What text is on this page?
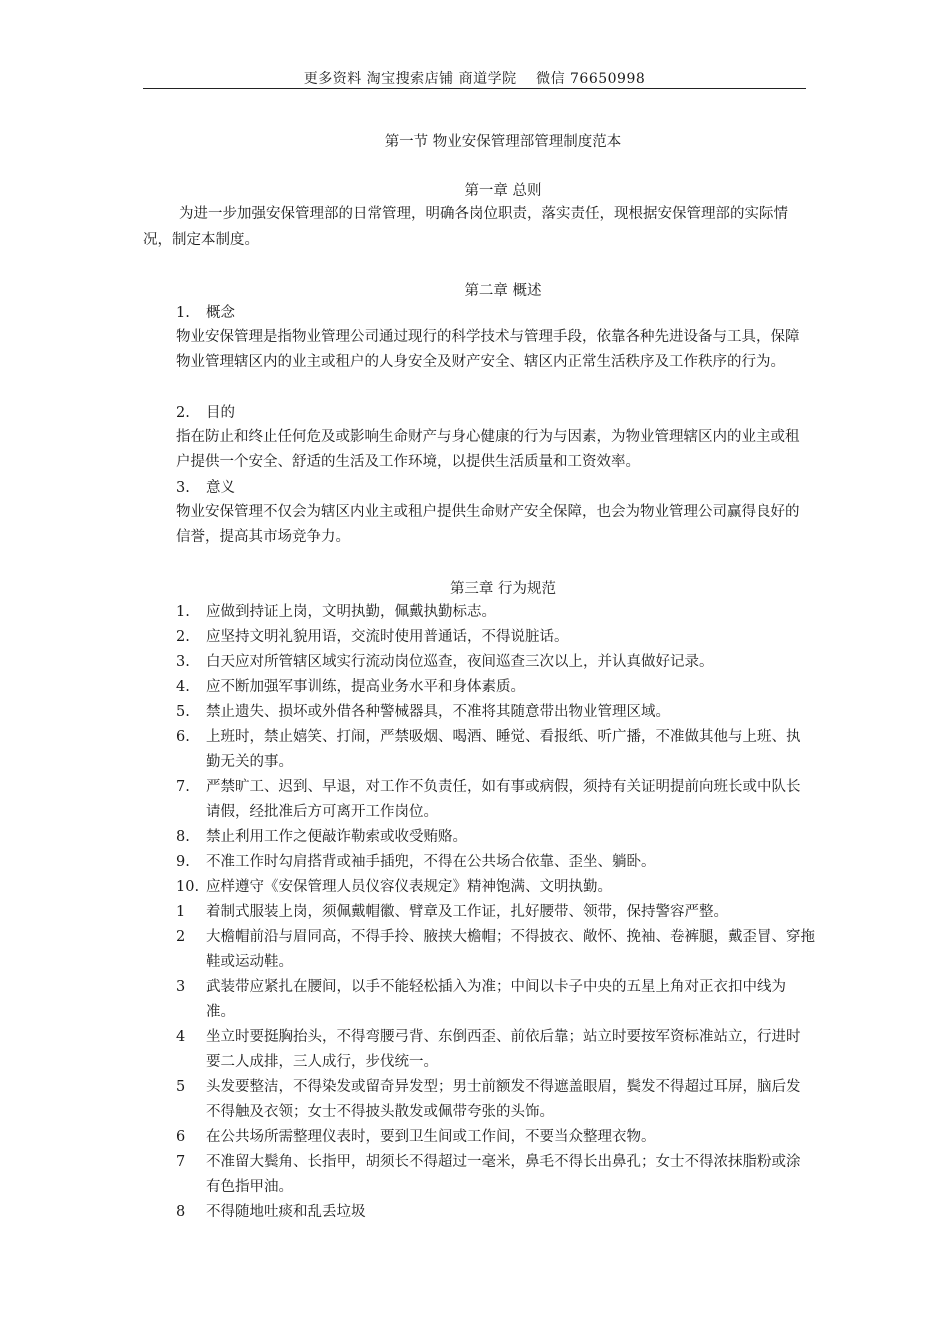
更多资料 淘宝搜索店铺 商道学院　 微信 76650998
第一节 物业安保管理部管理制度范本
第一章 总则

为进一步加强安保管理部的日常管理，明确各岗位职责，落实责任，现根据安保管理部的实际情况，制定本制度。

第二章 概述
1. 概念

物业安保管理是指物业管理公司通过现行的科学技术与管理手段，依靠各种先进设备与工具，保障物业管理辖区内的业主或租户的人身安全及财产安全、辖区内正常生活秩序及工作秩序的行为。

2. 目的

指在防止和终止任何危及或影响生命财产与身心健康的行为与因素，为物业管理辖区内的业主或租户提供一个安全、舒适的生活及工作环境，以提供生活质量和工资效率。

3. 意义

物业安保管理不仅会为辖区内业主或租户提供生命财产安全保障，也会为物业管理公司赢得良好的信誉，提高其市场竞争力。

第三章 行为规范
1. 应做到持证上岗，文明执勤，佩戴执勤标志。
2. 应坚持文明礼貌用语，交流时使用普通话，不得说脏话。
3. 白天应对所管辖区域实行流动岗位巡查，夜间巡查三次以上，并认真做好记录。
4. 应不断加强军事训练，提高业务水平和身体素质。
5. 禁止遗失、损坏或外借各种警械器具，不准将其随意带出物业管理区域。
6. 上班时，禁止嬉笑、打闹，严禁吸烟、喝酒、睡觉、看报纸、听广播，不准做其他与上班、执勤无关的事。
7. 严禁旷工、迟到、早退，对工作不负责任，如有事或病假，须持有关证明提前向班长或中队长请假，经批准后方可离开工作岗位。
8. 禁止利用工作之便敲诈勒索或收受贿赂。
9. 不准工作时勾肩搭背或袖手插兜，不得在公共场合依靠、歪坐、躺卧。
10. 应样遵守《安保管理人员仪容仪表规定》精神饱满、文明执勤。
1 着制式服装上岗，须佩戴帽徽、臂章及工作证，扎好腰带、领带，保持警容严整。
2 大檐帽前沿与眉同高，不得手拎、腋挟大檐帽；不得披衣、敞怀、挽袖、卷裤腿，戴歪冒、穿拖鞋或运动鞋。
3 武装带应紧扎在腰间，以手不能轻松插入为准；中间以卡子中央的五星上角对正衣扣中线为准。
4 坐立时要挺胸抬头，不得弯腰弓背、东倒西歪、前依后靠；站立时要按军资标准站立，行进时要二人成排，三人成行，步伐统一。
5 头发要整洁，不得染发或留奇异发型；男士前额发不得遮盖眼眉，鬓发不得超过耳屏，脑后发不得触及衣领；女士不得披头散发或佩带夸张的头饰。
6 在公共场所需整理仪表时，要到卫生间或工作间，不要当众整理衣物。
7 不准留大鬓角、长指甲，胡须长不得超过一毫米，鼻毛不得长出鼻孔；女士不得浓抹脂粉或涂有色指甲油。
8 不得随地吐痰和乱丢垃圾
